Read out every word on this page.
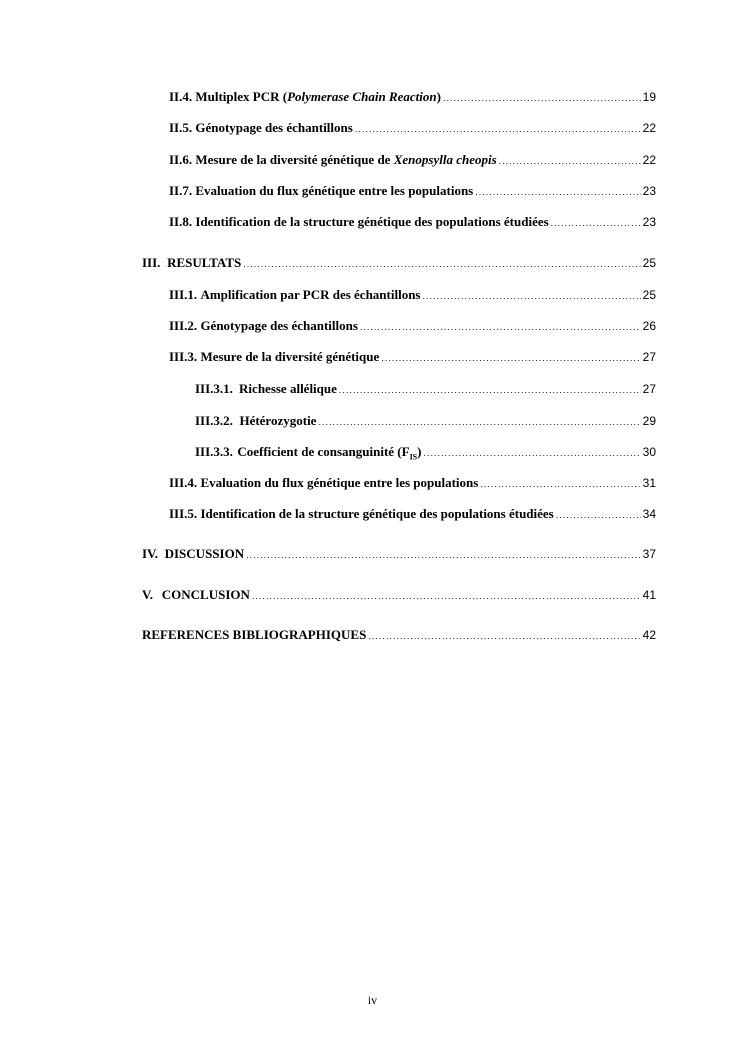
II.4. Multiplex PCR (Polymerase Chain Reaction) .....	19
II.5. Génotypage des échantillons .....	22
II.6. Mesure de la diversité génétique de Xenopsylla cheopis .....	22
II.7. Evaluation du flux génétique entre les populations .....	23
II.8. Identification de la structure génétique des populations étudiées .....	23
III. RESULTATS .....	25
III.1.
Amplification par PCR des échantillons .....	25
III.2.
Génotypage des échantillons .....	26
III.3.
Mesure de la diversité génétique .....	27
III.3.1. Richesse allélique .....	27
III.3.2. Hétérozygotie .....	29
III.3.3. Coefficient de consanguinité $(F_{IS})$ .....	30
III.4.
Evaluation du flux génétique entre les populations .....	31
III.5.
Identification de la structure génétique des populations étudiées .....	34
IV. DISCUSSION .....	37
V. CONCLUSION .....	41
REFERENCES BIBLIOGRAPHIQUES .....	42
iv
